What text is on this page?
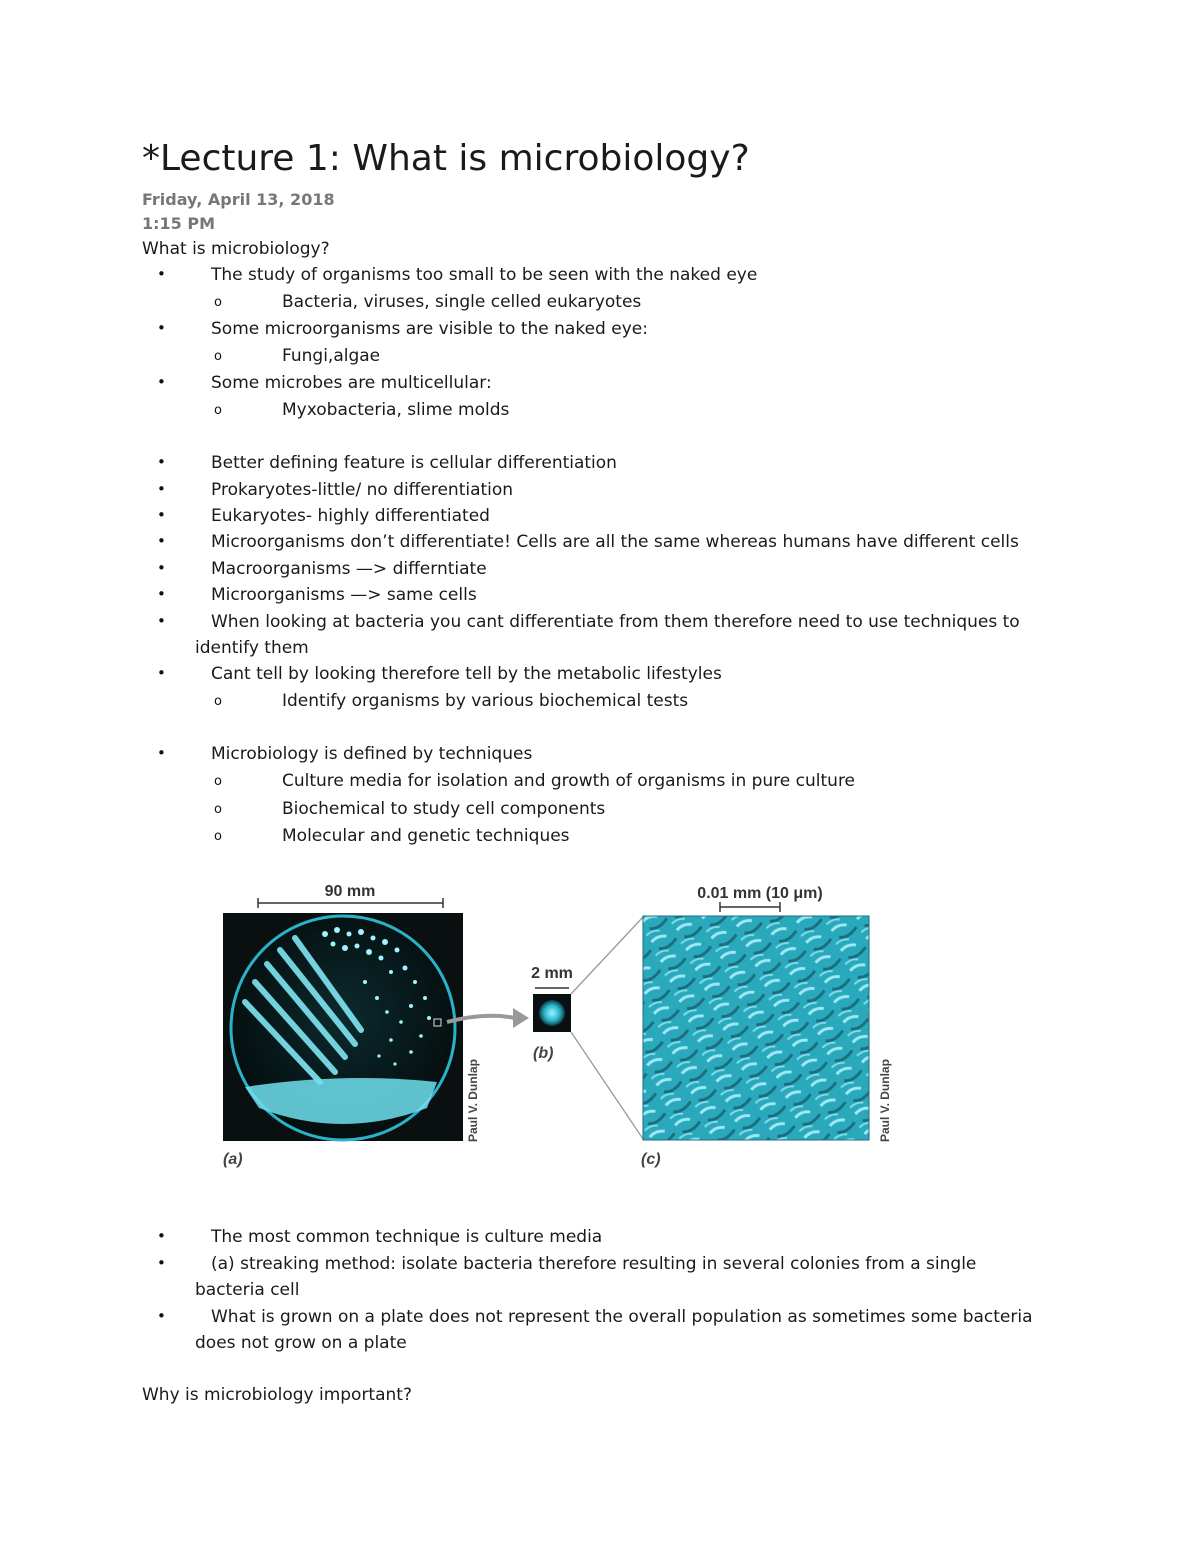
*Lecture 1: What is microbiology?
Friday, April 13, 2018
1:15 PM
What is microbiology?
•	The study of organisms too small to be seen with the naked eye
o	Bacteria, viruses, single celled eukaryotes
•	Some microorganisms are visible to the naked eye:
o	Fungi,algae
•	Some microbes are multicellular:
o	Myxobacteria, slime molds
•	Better defining feature is cellular differentiation
•	Prokaryotes-little/ no differentiation
•	Eukaryotes- highly differentiated
•	Microorganisms don’t differentiate! Cells are all the same whereas humans have different cells
•	Macroorganisms —> differntiate
•	Microorganisms —> same cells
•	When looking at bacteria you cant differentiate from them therefore need to use techniques to
identify them
•	Cant tell by looking therefore tell by the metabolic lifestyles
o	Identify organisms by various biochemical tests
•	Microbiology is defined by techniques
o	Culture media for isolation and growth of organisms in pure culture
o	Biochemical to study cell components
o	Molecular and genetic techniques
90 mm
(a)
Paul V. Dunlap
2 mm
(b)
0.01 mm (10 μm)
(c)
Paul V. Dunlap
•	The most common technique is culture media
•	(a) streaking method: isolate bacteria therefore resulting in several colonies from a single
bacteria cell
•	What is grown on a plate does not represent the overall population as sometimes some bacteria
does not grow on a plate
Why is microbiology important?
